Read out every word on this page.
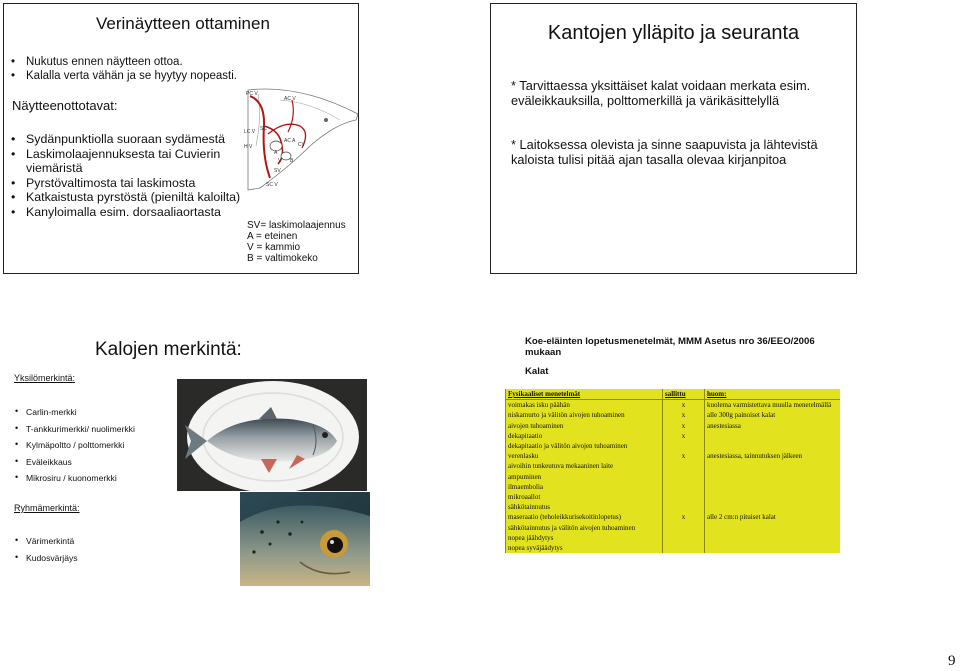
Verinäytteen ottaminen
• Nukutus ennen näytteen ottoa.
• Kalalla verta vähän ja se hyytyy nopeasti.
Näytteenottotavat:
• Sydänpunktiolla suoraan sydämestä
• Laskimolaajennuksesta tai Cuvierin viemäristä
• Pyrstövaltimosta tai laskimosta
• Katkaistusta pyrstöstä (pieniltä kaloilta)
• Kanyloimalla esim. dorsaaliaortasta
PC V AC V LC V SC H V AC A CV A V B SV SC V
SV= laskimolaajennus
A = eteinen
V = kammio
B = valtimokeko
Kantojen ylläpito ja seuranta
* Tarvittaessa yksittäiset kalat voidaan merkata esim. eväleikkauksilla, polttomerkillä ja värikäsittelyllä
* Laitoksessa olevista ja sinne saapuvista ja lähtevistä kaloista tulisi pitää ajan tasalla olevaa kirjanpitoa
Kalojen merkintä:
Yksilömerkintä:
• Carlin-merkki
• T-ankkurimerkki/ nuolimerkki
• Kylmäpoltto / polttomerkki
• Eväleikkaus
• Mikrosiru / kuonomerkki
Ryhmämerkintä:
• Värimerkintä
• Kudosvärjäys
Koe-eläinten lopetusmenetelmät, MMM Asetus nro 36/EEO/2006 mukaan
Kalat
Fysikaaliset menetelmät	sallittu	huom:
voimakas isku päähän	x	kuolema varmistettava muulla menetelmällä
niskamurto ja välitön aivojen tuhoaminen	x	alle 300g painoiset kalat
aivojen tuhoaminen	x	anestesiassa
dekapitaatio	x	
dekapitaatio ja välitön aivojen tuhoaminen		
verenlasku	x	anestesiassa, tainnutuksen jälkeen
aivoihin tunkeutuva mekaaninen laite		
ampuminen		
ilmaembolia		
mikroaallot		
sähkötainnutus		
maseraatio (teholeikkurisekoitinlopetus)	x	alle 2 cm:n pituiset kalat
sähkötainnutus ja välitön aivojen tuhoaminen		
nopea jäähdytys		
nopea syväjäädytys		
9
